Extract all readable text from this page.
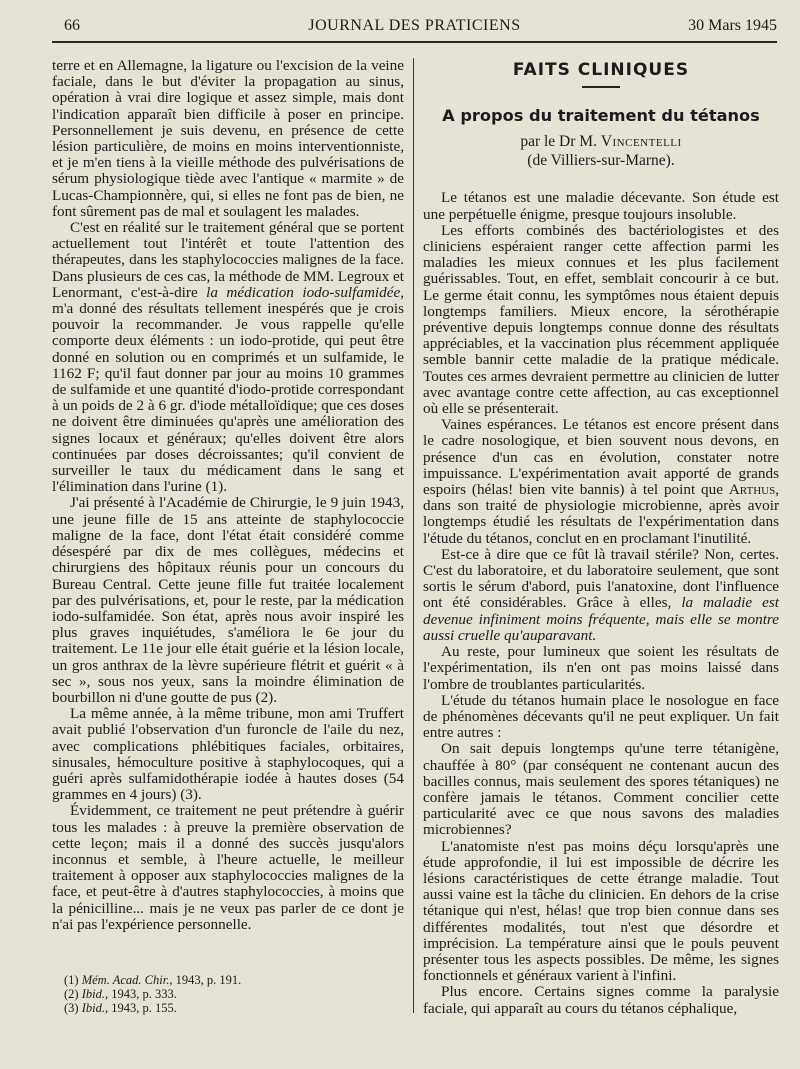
66	JOURNAL DES PRATICIENS	30 Mars 1945

terre et en Allemagne, la ligature ou l'excision de la veine faciale, dans le but d'éviter la propagation au sinus, opération à vrai dire logique et assez simple, mais dont l'indication apparaît bien difficile à poser en principe. Personnellement je suis devenu, en présence de cette lésion particulière, de moins en moins interventionniste, et je m'en tiens à la vieille méthode des pulvérisations de sérum physiologique tiède avec l'antique « marmite » de Lucas-Championnère, qui, si elles ne font pas de bien, ne font sûrement pas de mal et soulagent les malades.

C'est en réalité sur le traitement général que se portent actuellement tout l'intérêt et toute l'attention des thérapeutes, dans les staphylococcies malignes de la face. Dans plusieurs de ces cas, la méthode de MM. Legroux et Lenormant, c'est-à-dire la médication iodo-sulfamidée, m'a donné des résultats tellement inespérés que je crois pouvoir la recommander. Je vous rappelle qu'elle comporte deux éléments : un iodo-protide, qui peut être donné en solution ou en comprimés et un sulfamide, le 1162 F; qu'il faut donner par jour au moins 10 grammes de sulfamide et une quantité d'iodo-protide correspondant à un poids de 2 à 6 gr. d'iode métalloïdique; que ces doses ne doivent être diminuées qu'après une amélioration des signes locaux et généraux; qu'elles doivent être alors continuées par doses décroissantes; qu'il convient de surveiller le taux du médicament dans le sang et l'élimination dans l'urine (1).

J'ai présenté à l'Académie de Chirurgie, le 9 juin 1943, une jeune fille de 15 ans atteinte de staphylococcie maligne de la face, dont l'état était considéré comme désespéré par dix de mes collègues, médecins et chirurgiens des hôpitaux réunis pour un concours du Bureau Central. Cette jeune fille fut traitée localement par des pulvérisations, et, pour le reste, par la médication iodo-sulfamidée. Son état, après nous avoir inspiré les plus graves inquiétudes, s'améliora le 6e jour du traitement. Le 11e jour elle était guérie et la lésion locale, un gros anthrax de la lèvre supérieure flétrit et guérit « à sec », sous nos yeux, sans la moindre élimination de bourbillon ni d'une goutte de pus (2).

La même année, à la même tribune, mon ami Truffert avait publié l'observation d'un furoncle de l'aile du nez, avec complications phlébitiques faciales, orbitaires, sinusales, hémoculture positive à staphylocoques, qui a guéri après sulfamidothérapie iodée à hautes doses (54 grammes en 4 jours) (3).

Évidemment, ce traitement ne peut prétendre à guérir tous les malades : à preuve la première observation de cette leçon; mais il a donné des succès jusqu'alors inconnus et semble, à l'heure actuelle, le meilleur traitement à opposer aux staphylococcies malignes de la face, et peut-être à d'autres staphylococcies, à moins que la pénicilline... mais je ne veux pas parler de ce dont je n'ai pas l'expérience personnelle.

(1) Mém. Acad. Chir., 1943, p. 191.
(2) Ibid., 1943, p. 333.
(3) Ibid., 1943, p. 155.
FAITS CLINIQUES
A propos du traitement du tétanos
par le Dr M. Vincentelli
(de Villiers-sur-Marne).

Le tétanos est une maladie décevante. Son étude est une perpétuelle énigme, presque toujours insoluble.

Les efforts combinés des bactériologistes et des cliniciens espéraient ranger cette affection parmi les maladies les mieux connues et les plus facilement guérissables. Tout, en effet, semblait concourir à ce but. Le germe était connu, les symptômes nous étaient depuis longtemps familiers. Mieux encore, la sérothérapie préventive depuis longtemps connue donne des résultats appréciables, et la vaccination plus récemment appliquée semble bannir cette maladie de la pratique médicale. Toutes ces armes devraient permettre au clinicien de lutter avec avantage contre cette affection, au cas exceptionnel où elle se présenterait.

Vaines espérances. Le tétanos est encore présent dans le cadre nosologique, et bien souvent nous devons, en présence d'un cas en évolution, constater notre impuissance. L'expérimentation avait apporté de grands espoirs (hélas! bien vite bannis) à tel point que Arthus, dans son traité de physiologie microbienne, après avoir longtemps étudié les résultats de l'expérimentation dans l'étude du tétanos, conclut en en proclamant l'inutilité.

Est-ce à dire que ce fût là travail stérile? Non, certes. C'est du laboratoire, et du laboratoire seulement, que sont sortis le sérum d'abord, puis l'anatoxine, dont l'influence ont été considérables. Grâce à elles, la maladie est devenue infiniment moins fréquente, mais elle se montre aussi cruelle qu'auparavant.

Au reste, pour lumineux que soient les résultats de l'expérimentation, ils n'en ont pas moins laissé dans l'ombre de troublantes particularités.

L'étude du tétanos humain place le nosologue en face de phénomènes décevants qu'il ne peut expliquer. Un fait entre autres :

On sait depuis longtemps qu'une terre tétanigène, chauffée à 80° (par conséquent ne contenant aucun des bacilles connus, mais seulement des spores tétaniques) ne confère jamais le tétanos. Comment concilier cette particularité avec ce que nous savons des maladies microbiennes?

L'anatomiste n'est pas moins déçu lorsqu'après une étude approfondie, il lui est impossible de décrire les lésions caractéristiques de cette étrange maladie. Tout aussi vaine est la tâche du clinicien. En dehors de la crise tétanique qui n'est, hélas! que trop bien connue dans ses différentes modalités, tout n'est que désordre et imprécision. La température ainsi que le pouls peuvent présenter tous les aspects possibles. De même, les signes fonctionnels et généraux varient à l'infini.

Plus encore. Certains signes comme la paralysie faciale, qui apparaît au cours du tétanos céphalique,
